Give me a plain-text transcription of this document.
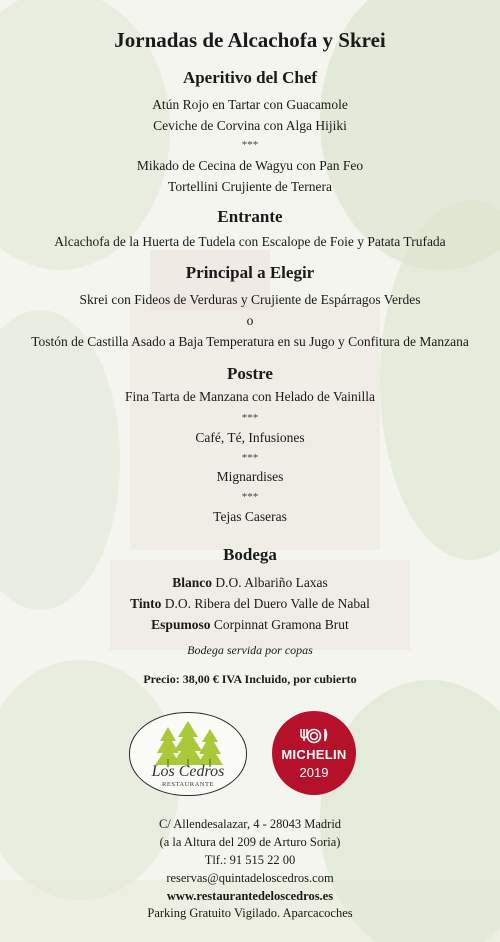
Jornadas de Alcachofa y Skrei
Aperitivo del Chef
Atún Rojo en Tartar con Guacamole
Ceviche de Corvina con Alga Hijiki
***
Mikado de Cecina de Wagyu con Pan Feo
Tortellini Crujiente de Ternera
Entrante
Alcachofa de la Huerta de Tudela con Escalope de Foie y Patata Trufada
Principal a Elegir
Skrei con Fideos de Verduras y Crujiente de Espárragos Verdes
o
Tostón de Castilla Asado a Baja Temperatura en su Jugo y Confitura de Manzana
Postre
Fina Tarta de Manzana con Helado de Vainilla
***
Café, Té, Infusiones
***
Mignardises
***
Tejas Caseras
Bodega
Blanco D.O. Albariño Laxas
Tinto D.O. Ribera del Duero Valle de Nabal
Espumoso Corpinnat Gramona Brut
Bodega servida por copas
Precio: 38,00 € IVA Incluido, por cubierto
Los Cedros
RESTAURANTE
MICHELIN
2019
C/ Allendesalazar, 4 - 28043 Madrid
(a la Altura del 209 de Arturo Soria)
Tlf.: 91 515 22 00
reservas@quintadeloscedros.com
www.restaurantedeloscedros.es
Parking Gratuito Vigilado. Aparcacoches
